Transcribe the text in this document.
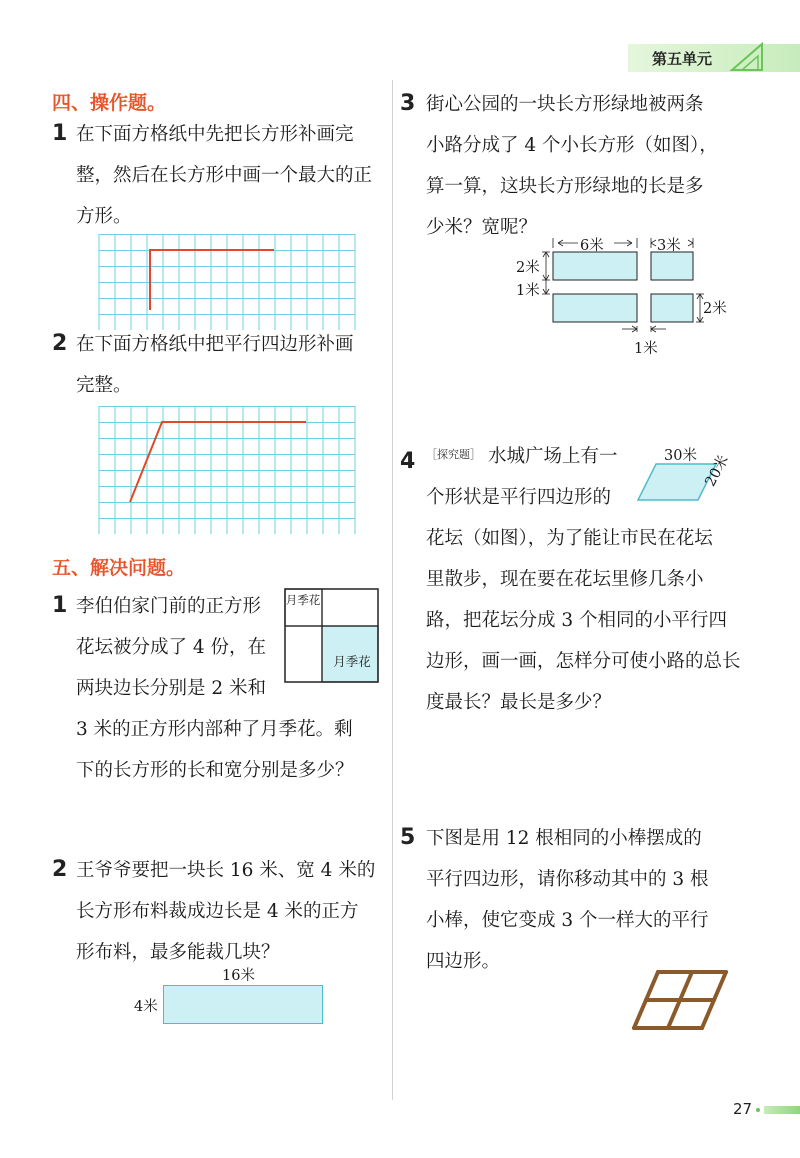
第五单元
四、操作题。
1 在下面方格纸中先把长方形补画完
整，然后在长方形中画一个最大的正
方形。
2 在下面方格纸中把平行四边形补画
完整。
五、解决问题。
1 李伯伯家门前的正方形
花坛被分成了 4 份，在
两块边长分别是 2 米和
3 米的正方形内部种了月季花。剩
下的长方形的长和宽分别是多少？
月季花
月季花
2 王爷爷要把一块长 16 米、宽 4 米的
长方形布料裁成边长是 4 米的正方
形布料，最多能裁几块？
16米
4米
3 街心公园的一块长方形绿地被两条
小路分成了 4 个小长方形（如图），
算一算，这块长方形绿地的长是多
少米？宽呢？
6米	3米
2米
1米
2米
1米
4 ［探究题］ 水城广场上有一
个形状是平行四边形的
花坛（如图），为了能让市民在花坛
里散步，现在要在花坛里修几条小
路，把花坛分成 3 个相同的小平行四
边形，画一画，怎样分可使小路的总长
度最长？最长是多少？
30米 20米
5 下图是用 12 根相同的小棒摆成的
平行四边形，请你移动其中的 3 根
小棒，使它变成 3 个一样大的平行
四边形。
27
